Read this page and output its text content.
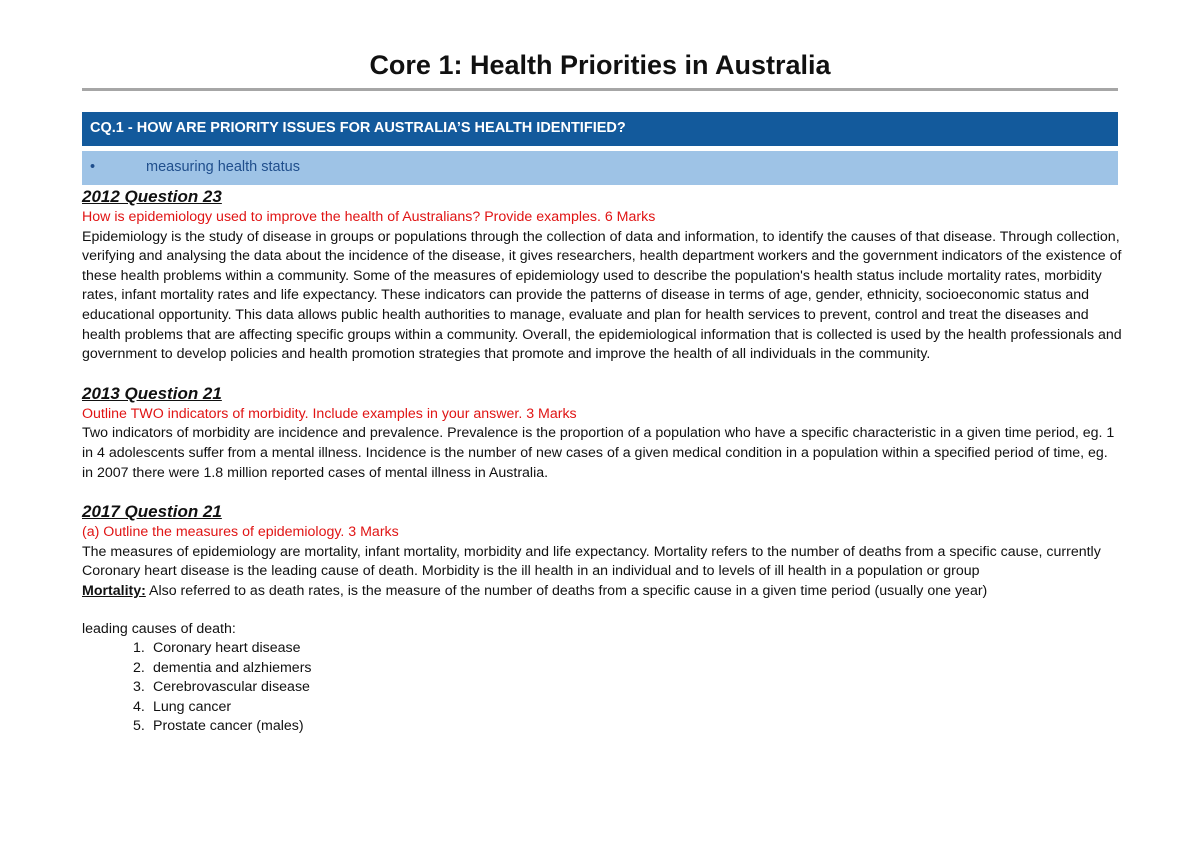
Core 1: Health Priorities in Australia
CQ.1 - HOW ARE PRIORITY ISSUES FOR AUSTRALIA’S HEALTH IDENTIFIED?
•	measuring health status

2012 Question 23

How is epidemiology used to improve the health of Australians? Provide examples. 6 Marks

Epidemiology is the study of disease in groups or populations through the collection of data and information, to identify the causes of that disease. Through collection, verifying and analysing the data about the incidence of the disease, it gives researchers, health department workers and the government indicators of the existence of these health problems within a community. Some of the measures of epidemiology used to describe the population's health status include mortality rates, morbidity rates, infant mortality rates and life expectancy. These indicators can provide the patterns of disease in terms of age, gender, ethnicity, socioeconomic status and educational opportunity. This data allows public health authorities to manage, evaluate and plan for health services to prevent, control and treat the diseases and health problems that are affecting specific groups within a community. Overall, the epidemiological information that is collected is used by the health professionals and government to develop policies and health promotion strategies that promote and improve the health of all individuals in the community.

2013 Question 21

Outline TWO indicators of morbidity. Include examples in your answer. 3 Marks

Two indicators of morbidity are incidence and prevalence. Prevalence is the proportion of a population who have a specific characteristic in a given time period, eg. 1 in 4 adolescents suffer from a mental illness. Incidence is the number of new cases of a given medical condition in a population within a specified period of time, eg. in 2007 there were 1.8 million reported cases of mental illness in Australia.

2017 Question 21

(a) Outline the measures of epidemiology. 3 Marks

The measures of epidemiology are mortality, infant mortality, morbidity and life expectancy. Mortality refers to the number of deaths from a specific cause, currently Coronary heart disease is the leading cause of death. Morbidity is the ill health in an individual and to levels of ill health in a population or group

Mortality: Also referred to as death rates, is the measure of the number of deaths from a specific cause in a given time period (usually one year)

leading causes of death:

1. Coronary heart disease
2. dementia and alzhiemers
3. Cerebrovascular disease
4. Lung cancer
5. Prostate cancer (males)
